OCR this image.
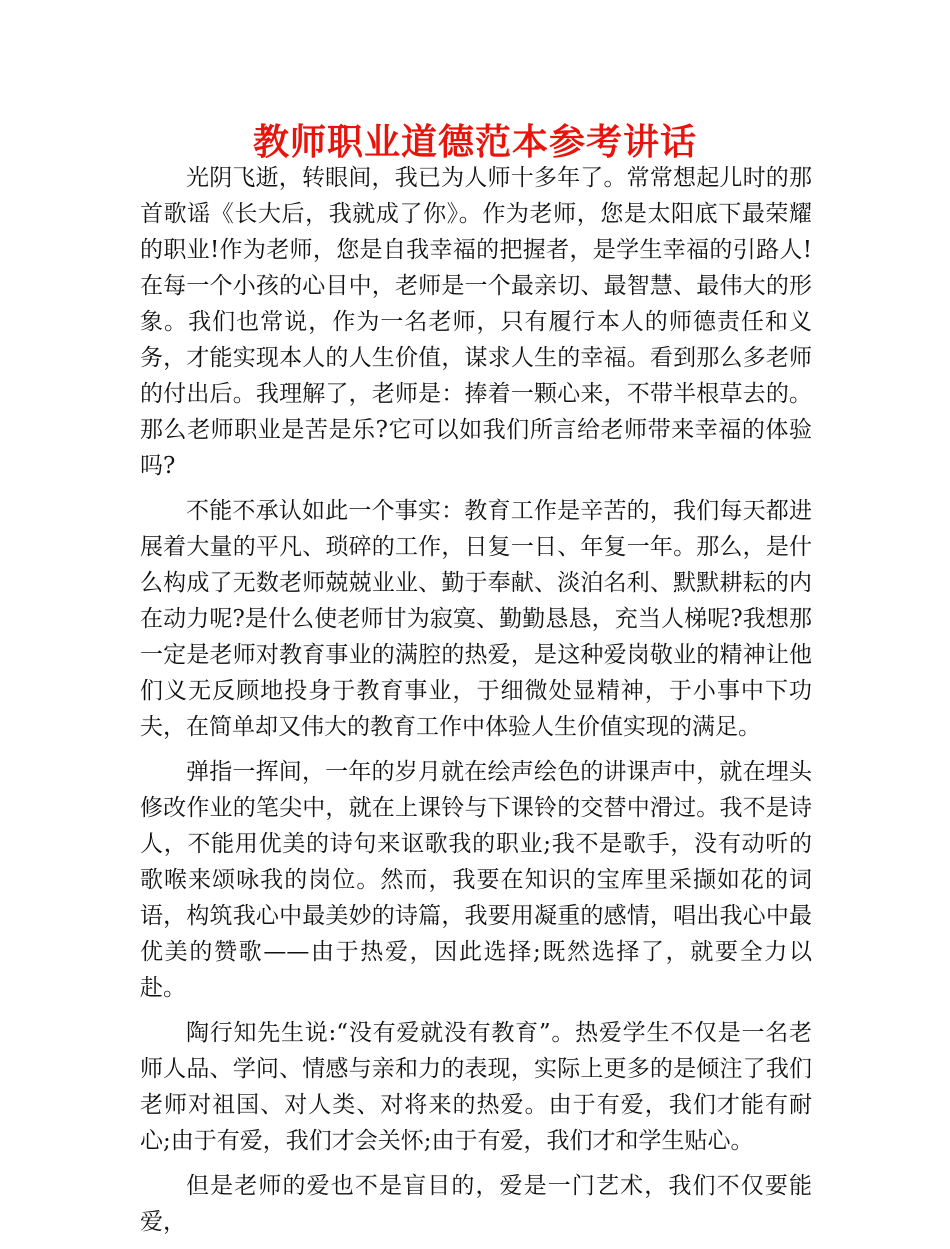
教师职业道德范本参考讲话

光阴飞逝，转眼间，我已为人师十多年了。常常想起儿时的那首歌谣《长大后，我就成了你》。作为老师，您是太阳底下最荣耀的职业!作为老师，您是自我幸福的把握者，是学生幸福的引路人!在每一个小孩的心目中，老师是一个最亲切、最智慧、最伟大的形象。我们也常说，作为一名老师，只有履行本人的师德责任和义务，才能实现本人的人生价值，谋求人生的幸福。看到那么多老师的付出后。我理解了，老师是：捧着一颗心来，不带半根草去的。那么老师职业是苦是乐?它可以如我们所言给老师带来幸福的体验吗?

不能不承认如此一个事实：教育工作是辛苦的，我们每天都进展着大量的平凡、琐碎的工作，日复一日、年复一年。那么，是什么构成了无数老师兢兢业业、勤于奉献、淡泊名利、默默耕耘的内在动力呢?是什么使老师甘为寂寞、勤勤恳恳，充当人梯呢?我想那一定是老师对教育事业的满腔的热爱，是这种爱岗敬业的精神让他们义无反顾地投身于教育事业，于细微处显精神，于小事中下功夫，在简单却又伟大的教育工作中体验人生价值实现的满足。

弹指一挥间，一年的岁月就在绘声绘色的讲课声中，就在埋头修改作业的笔尖中，就在上课铃与下课铃的交替中滑过。我不是诗人，不能用优美的诗句来讴歌我的职业;我不是歌手，没有动听的歌喉来颂咏我的岗位。然而，我要在知识的宝库里采撷如花的词语，构筑我心中最美妙的诗篇，我要用凝重的感情，唱出我心中最优美的赞歌——由于热爱，因此选择;既然选择了，就要全力以赴。

陶行知先生说:“没有爱就没有教育”。热爱学生不仅是一名老师人品、学问、情感与亲和力的表现，实际上更多的是倾注了我们老师对祖国、对人类、对将来的热爱。由于有爱，我们才能有耐心;由于有爱，我们才会关怀;由于有爱，我们才和学生贴心。

但是老师的爱也不是盲目的，爱是一门艺术，我们不仅要能爱，
